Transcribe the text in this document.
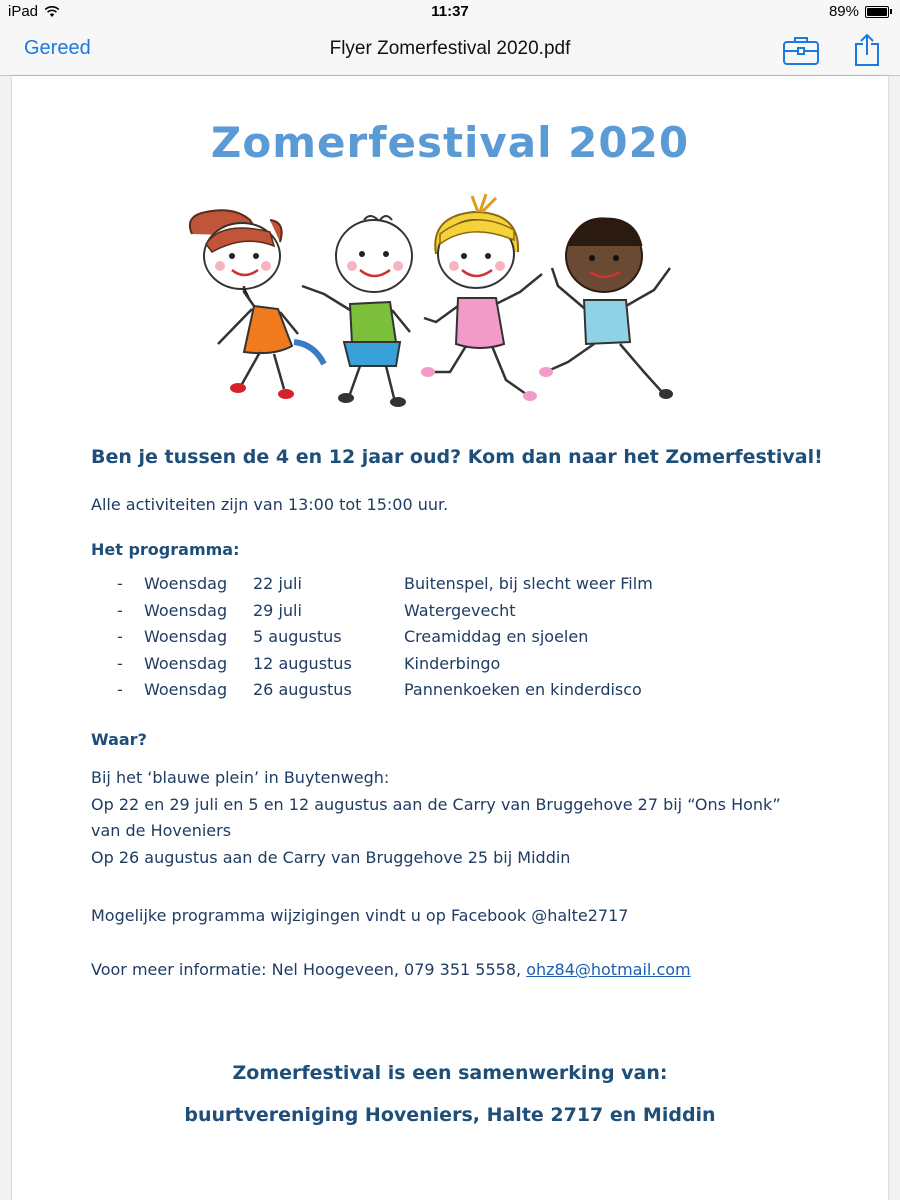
iPad	11:37	89%
Gereed	Flyer Zomerfestival 2020.pdf
Zomerfestival 2020
Ben je tussen de 4 en 12 jaar oud? Kom dan naar het Zomerfestival!
Alle activiteiten zijn van 13:00 tot 15:00 uur.
Het programma:
- Woensdag 22 juli	Buitenspel, bij slecht weer Film
- Woensdag 29 juli	Watergevecht
- Woensdag 5 augustus	Creamiddag en sjoelen
- Woensdag 12 augustus	Kinderbingo
- Woensdag 26 augustus	Pannenkoeken en kinderdisco
Waar?
Bij het ‘blauwe plein’ in Buytenwegh:
Op 22 en 29 juli en 5 en 12 augustus aan de Carry van Bruggehove 27 bij “Ons Honk”
van de Hoveniers
Op 26 augustus aan de Carry van Bruggehove 25 bij Middin
Mogelijke programma wijzigingen vindt u op Facebook @halte2717
Voor meer informatie: Nel Hoogeveen, 079 351 5558, ohz84@hotmail.com
Zomerfestival is een samenwerking van:
buurtvereniging Hoveniers, Halte 2717 en Middin
